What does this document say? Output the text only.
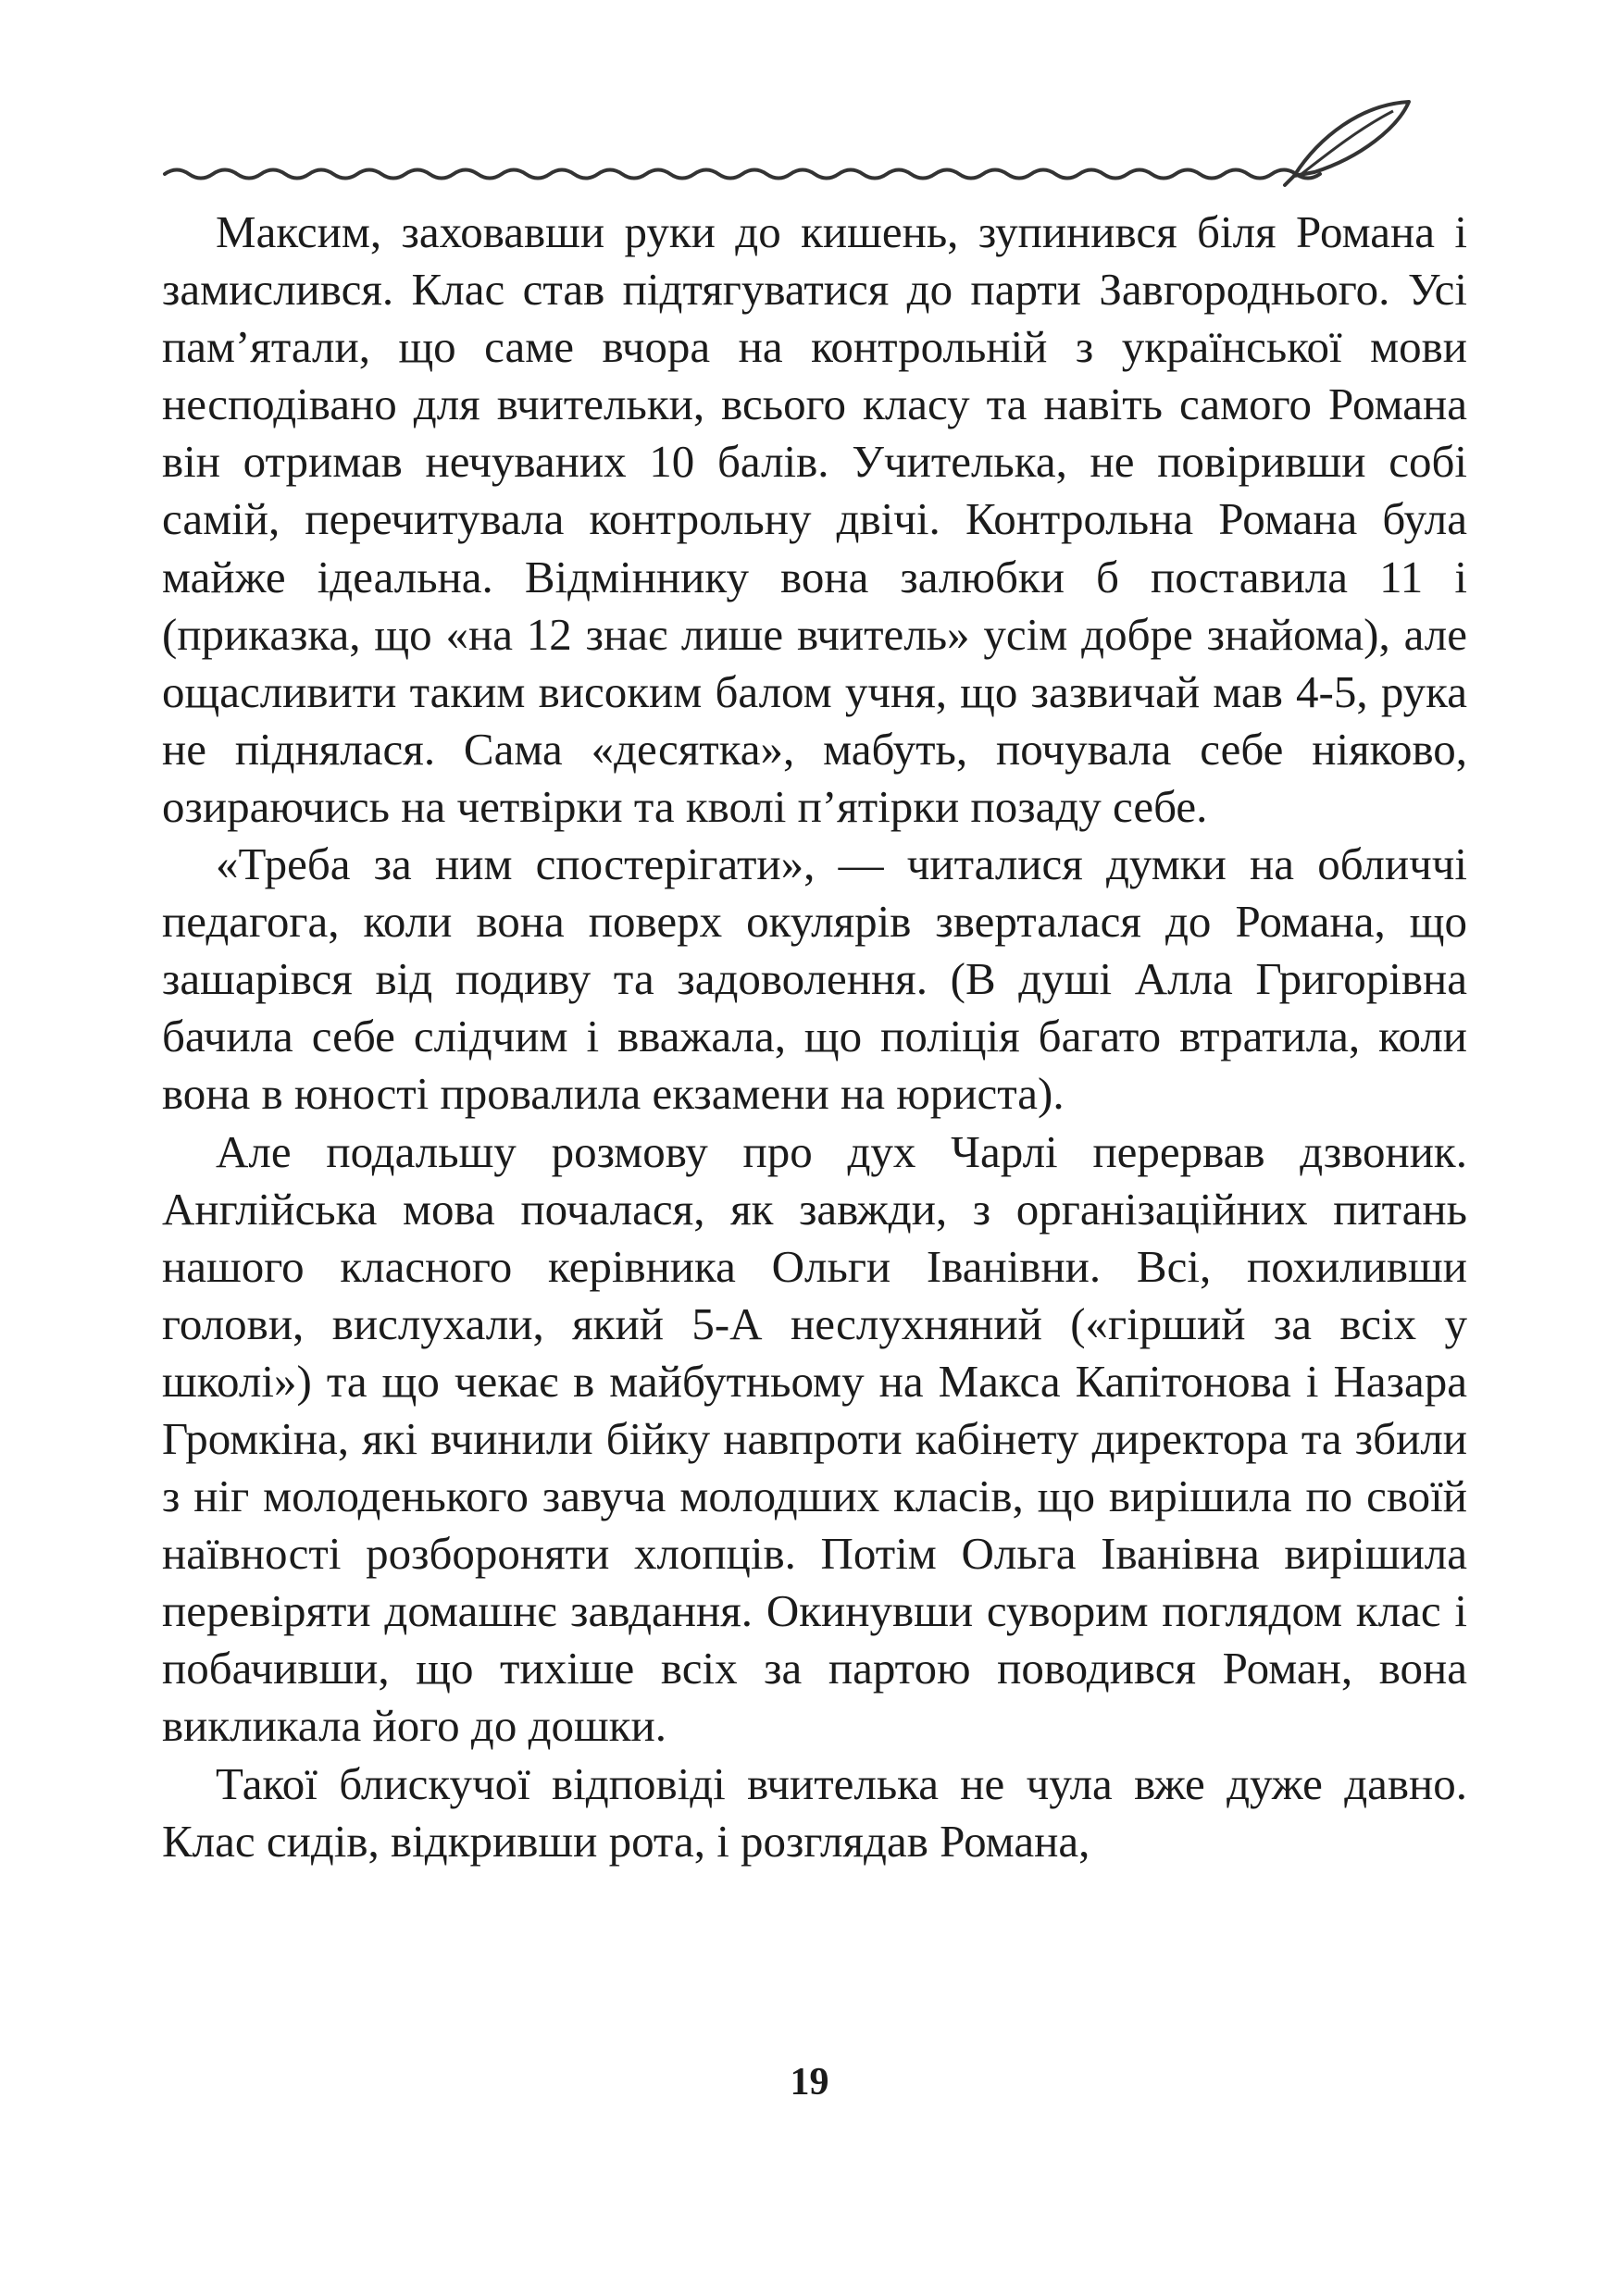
Максим, заховавши руки до кишень, зупинився біля Романа і замислився. Клас став підтягуватися до парти Завгороднього. Усі пам’ятали, що саме вчора на контрольній з української мови несподівано для вчительки, всього класу та навіть самого Романа він отримав нечуваних 10 балів. Учителька, не повіривши собі самій, перечитувала контрольну двічі. Контрольна Романа була майже ідеальна. Відміннику вона залюбки б поставила 11 і (приказка, що «на 12 знає лише вчитель» усім добре знайома), але ощасливити таким високим балом учня, що зазвичай мав 4-5, рука не піднялася. Сама «десятка», мабуть, почувала себе ніяково, озираючись на четвірки та кволі п’ятірки позаду себе.

«Треба за ним спостерігати», — читалися думки на обличчі педагога, коли вона поверх окулярів зверталася до Романа, що зашарівся від подиву та задоволення. (В душі Алла Григорівна бачила себе слідчим і вважала, що поліція багато втратила, коли вона в юності провалила екзамени на юриста).

Але подальшу розмову про дух Чарлі перервав дзвоник. Англійська мова почалася, як завжди, з організаційних питань нашого класного керівника Ольги Іванівни. Всі, похиливши голови, вислухали, який 5-А неслухняний («гірший за всіх у школі») та що чекає в майбутньому на Макса Капітонова і Назара Громкіна, які вчинили бійку навпроти кабінету директора та збили з ніг молоденького завуча молодших класів, що вирішила по своїй наївності розбороняти хлопців. Потім Ольга Іванівна вирішила перевіряти домашнє завдання. Окинувши суворим поглядом клас і побачивши, що тихіше всіх за партою поводився Роман, вона викликала його до дошки.

Такої блискучої відповіді вчителька не чула вже дуже давно. Клас сидів, відкривши рота, і розглядав Романа,

19
